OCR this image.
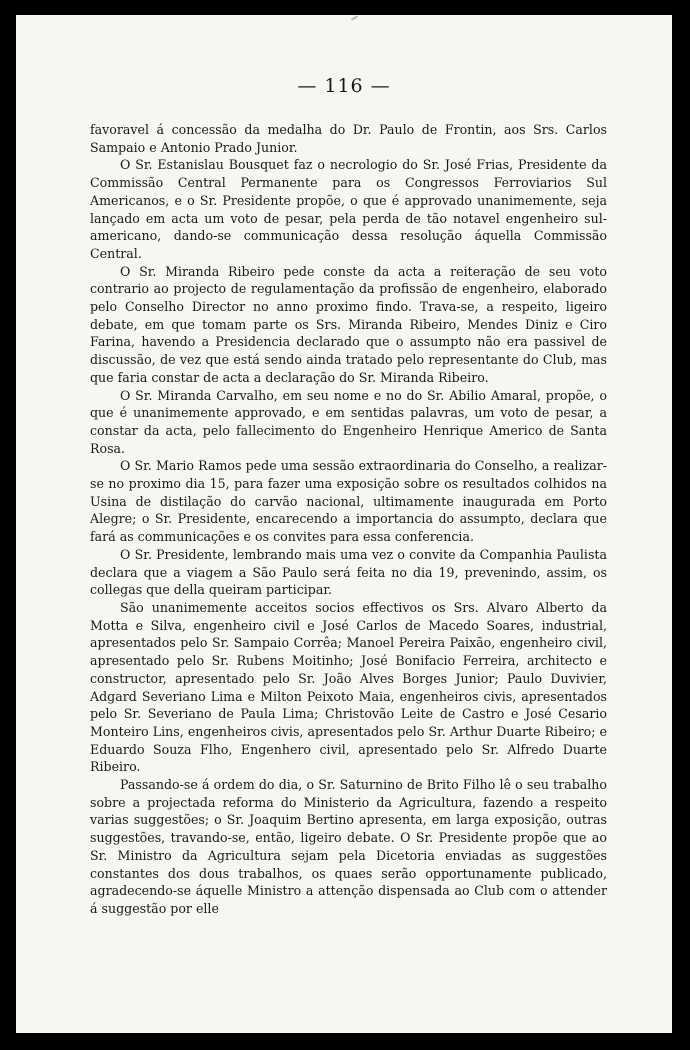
— 116 —

favoravel á concessão da medalha do Dr. Paulo de Frontin, aos Srs. Carlos Sampaio e Antonio Prado Junior.

O Sr. Estanislau Bousquet faz o necrologio do Sr. José Frias, Presidente da Commissão Central Permanente para os Congressos Ferroviarios Sul Americanos, e o Sr. Presidente propõe, o que é approvado unanimemente, seja lançado em acta um voto de pesar, pela perda de tão notavel engenheiro sul-americano, dando-se communicação dessa resolução áquella Commissão Central.

O Sr. Miranda Ribeiro pede conste da acta a reiteração de seu voto contrario ao projecto de regulamentação da profissão de engenheiro, elaborado pelo Conselho Director no anno proximo findo. Trava-se, a respeito, ligeiro debate, em que tomam parte os Srs. Miranda Ribeiro, Mendes Diniz e Ciro Farina, havendo a Presidencia declarado que o assumpto não era passivel de discussão, de vez que está sendo ainda tratado pelo representante do Club, mas que faria constar de acta a declaração do Sr. Miranda Ribeiro.

O Sr. Miranda Carvalho, em seu nome e no do Sr. Abilio Amaral, propõe, o que é unanimemente approvado, e em sentidas palavras, um voto de pesar, a constar da acta, pelo fallecimento do Engenheiro Henrique Americo de Santa Rosa.

O Sr. Mario Ramos pede uma sessão extraordinaria do Conselho, a realizar-se no proximo dia 15, para fazer uma exposição sobre os resultados colhidos na Usina de distilação do carvão nacional, ultimamente inaugurada em Porto Alegre; o Sr. Presidente, encarecendo a importancia do assumpto, declara que fará as communicações e os convites para essa conferencia.

O Sr. Presidente, lembrando mais uma vez o convite da Companhia Paulista declara que a viagem a São Paulo será feita no dia 19, prevenindo, assim, os collegas que della queiram participar.

São unanimemente acceitos socios effectivos os Srs. Alvaro Alberto da Motta e Silva, engenheiro civil e José Carlos de Macedo Soares, industrial, apresentados pelo Sr. Sampaio Corrêa; Manoel Pereira Paixão, engenheiro civil, apresentado pelo Sr. Rubens Moitinho; José Bonifacio Ferreira, architecto e constructor, apresentado pelo Sr. João Alves Borges Junior; Paulo Duvivier, Adgard Severiano Lima e Milton Peixoto Maia, engenheiros civis, apresentados pelo Sr. Severiano de Paula Lima; Christovão Leite de Castro e José Cesario Monteiro Lins, engenheiros civis, apresentados pelo Sr. Arthur Duarte Ribeiro; e Eduardo Souza Flho, Engenhero civil, apresentado pelo Sr. Alfredo Duarte Ribeiro.

Passando-se á ordem do dia, o Sr. Saturnino de Brito Filho lê o seu trabalho sobre a projectada reforma do Ministerio da Agricultura, fazendo a respeito varias suggestões; o Sr. Joaquim Bertino apresenta, em larga exposição, outras suggestões, travando-se, então, ligeiro debate. O Sr. Presidente propõe que ao Sr. Ministro da Agricultura sejam pela Dicetoria enviadas as suggestões constantes dos dous trabalhos, os quaes serão opportunamente publicado, agradecendo-se áquelle Ministro a attenção dispensada ao Club com o attender á suggestão por elle
